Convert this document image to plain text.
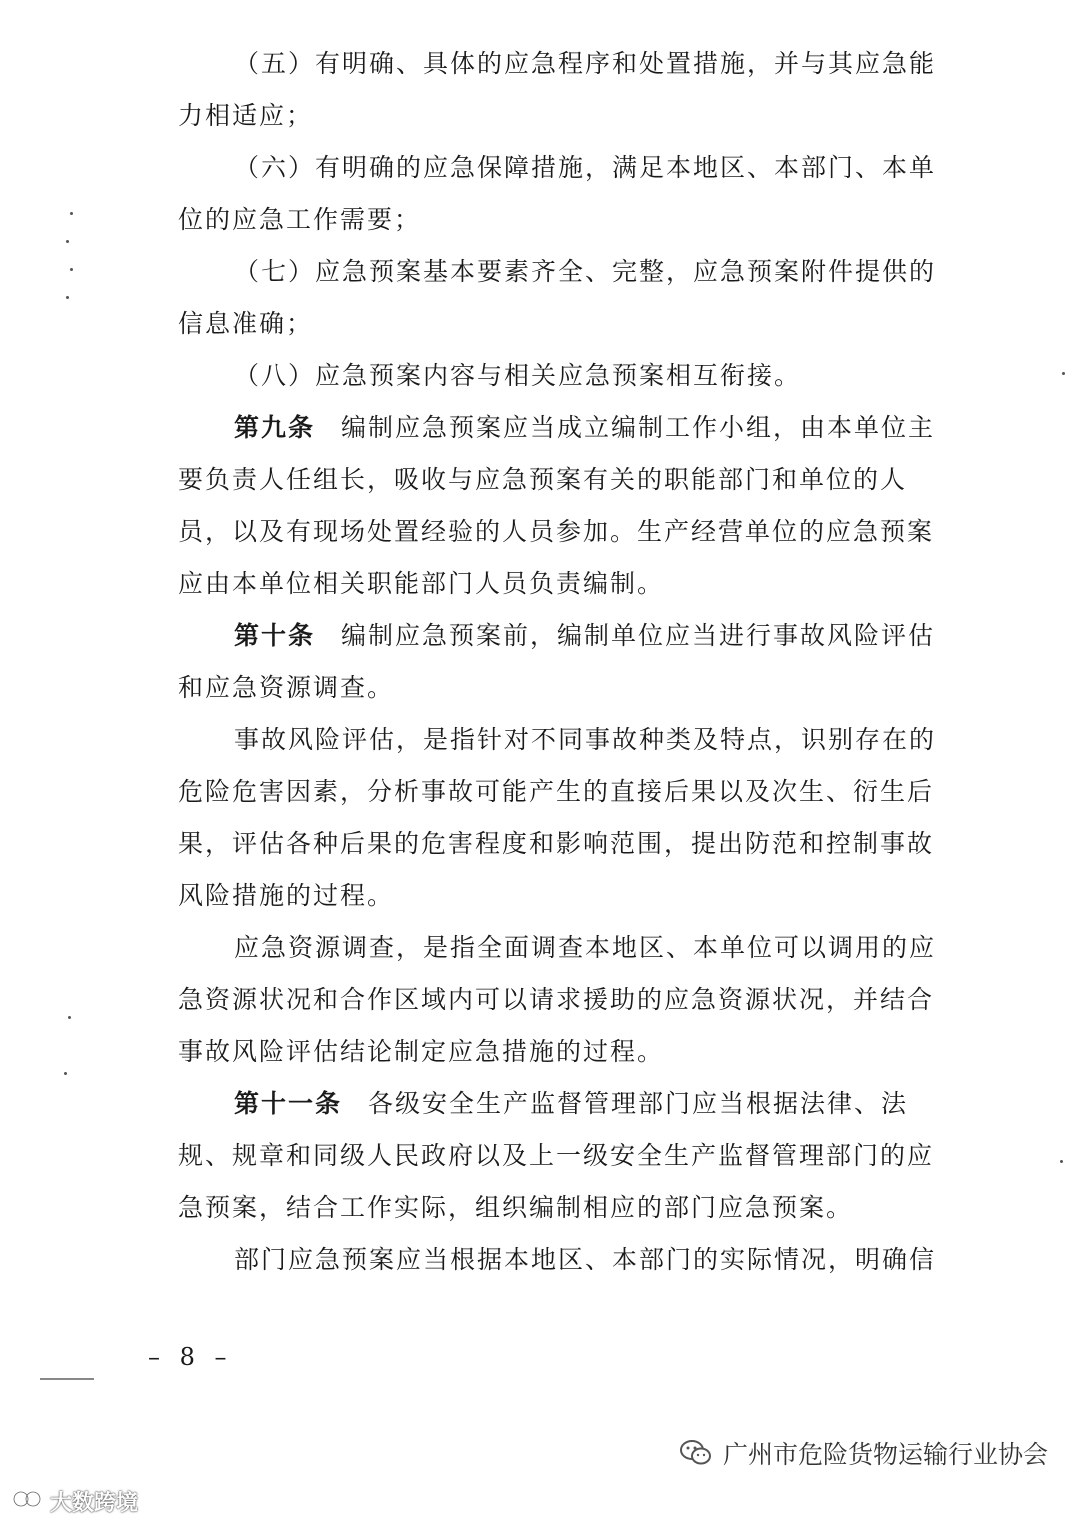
（五）有明确、具体的应急程序和处置措施，并与其应急能
力相适应；
（六）有明确的应急保障措施，满足本地区、本部门、本单
位的应急工作需要；
（七）应急预案基本要素齐全、完整，应急预案附件提供的
信息准确；
（八）应急预案内容与相关应急预案相互衔接。
第九条 编制应急预案应当成立编制工作小组，由本单位主
要负责人任组长，吸收与应急预案有关的职能部门和单位的人
员，以及有现场处置经验的人员参加。生产经营单位的应急预案
应由本单位相关职能部门人员负责编制。
第十条 编制应急预案前，编制单位应当进行事故风险评估
和应急资源调查。
事故风险评估，是指针对不同事故种类及特点，识别存在的
危险危害因素，分析事故可能产生的直接后果以及次生、衍生后
果，评估各种后果的危害程度和影响范围，提出防范和控制事故
风险措施的过程。
应急资源调查，是指全面调查本地区、本单位可以调用的应
急资源状况和合作区域内可以请求援助的应急资源状况，并结合
事故风险评估结论制定应急措施的过程。
第十一条 各级安全生产监督管理部门应当根据法律、法
规、规章和同级人民政府以及上一级安全生产监督管理部门的应
急预案，结合工作实际，组织编制相应的部门应急预案。
部门应急预案应当根据本地区、本部门的实际情况，明确信
– 8 –
广州市危险货物运输行业协会
大数跨境
